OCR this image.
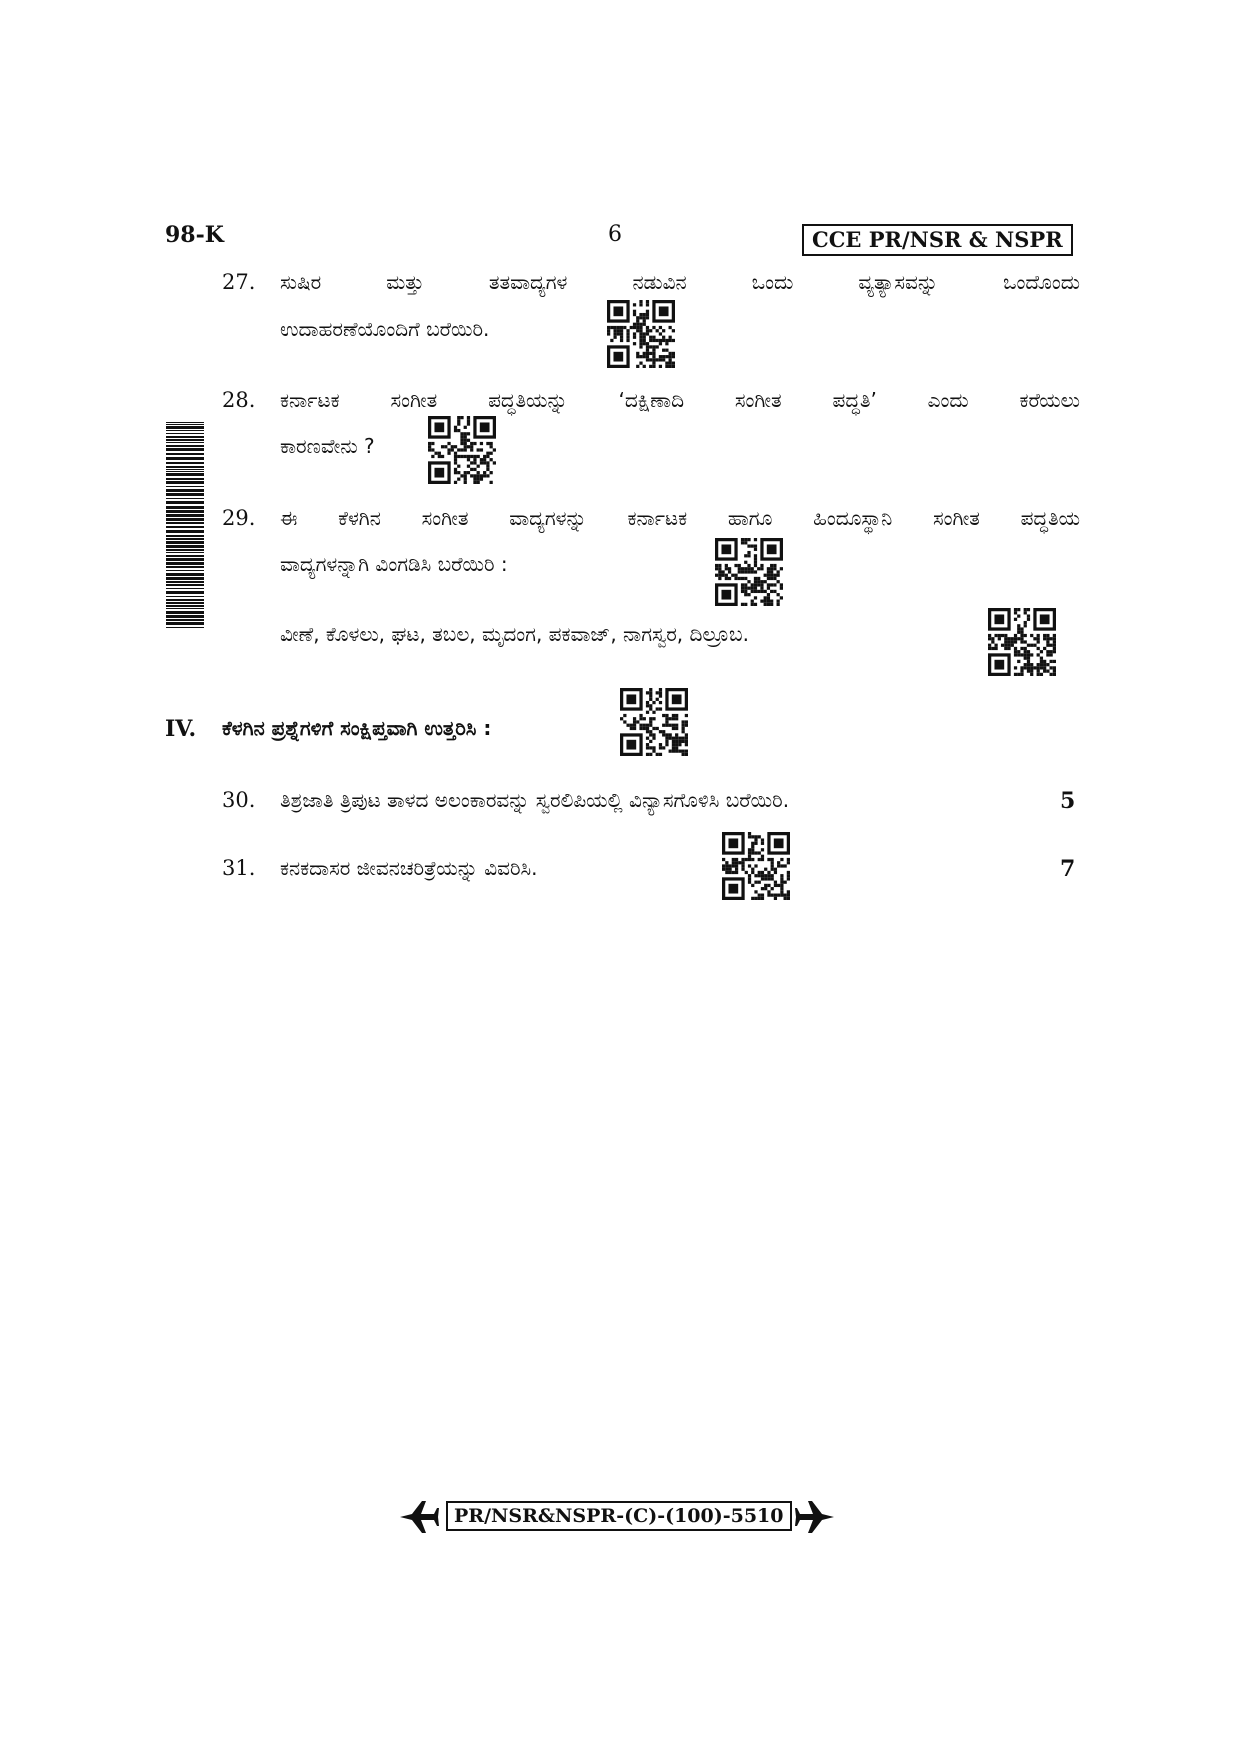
98-K	6	CCE PR/NSR & NSPR
27. ಸುಷಿರ ಮತ್ತು ತತವಾದ್ಯಗಳ ನಡುವಿನ ಒಂದು ವ್ಯತ್ಯಾಸವನ್ನು ಒಂದೊಂದು
ಉದಾಹರಣೆಯೊಂದಿಗೆ ಬರೆಯಿರಿ.
28. ಕರ್ನಾಟಕ ಸಂಗೀತ ಪದ್ಧತಿಯನ್ನು ‘ದಕ್ಷಿಣಾದಿ ಸಂಗೀತ ಪದ್ಧತಿ’ ಎಂದು ಕರೆಯಲು
ಕಾರಣವೇನು ?
29. ಈ ಕೆಳಗಿನ ಸಂಗೀತ ವಾದ್ಯಗಳನ್ನು ಕರ್ನಾಟಕ ಹಾಗೂ ಹಿಂದೂಸ್ಥಾನಿ ಸಂಗೀತ ಪದ್ಧತಿಯ
ವಾದ್ಯಗಳನ್ನಾಗಿ ವಿಂಗಡಿಸಿ ಬರೆಯಿರಿ :
ವೀಣೆ, ಕೊಳಲು, ಘಟ, ತಬಲ, ಮೃದಂಗ, ಪಕವಾಜ್, ನಾಗಸ್ವರ, ದಿಲ್ರೂಬ.
IV. ಕೆಳಗಿನ ಪ್ರಶ್ನೆಗಳಿಗೆ ಸಂಕ್ಷಿಪ್ತವಾಗಿ ಉತ್ತರಿಸಿ :
30. ತಿಶ್ರಜಾತಿ ತ್ರಿಪುಟ ತಾಳದ ಅಲಂಕಾರವನ್ನು ಸ್ವರಲಿಪಿಯಲ್ಲಿ ವಿನ್ಯಾಸಗೊಳಿಸಿ ಬರೆಯಿರಿ.	5
31. ಕನಕದಾಸರ ಜೀವನಚರಿತ್ರೆಯನ್ನು ವಿವರಿಸಿ.	7
PR/NSR&NSPR-(C)-(100)-5510
